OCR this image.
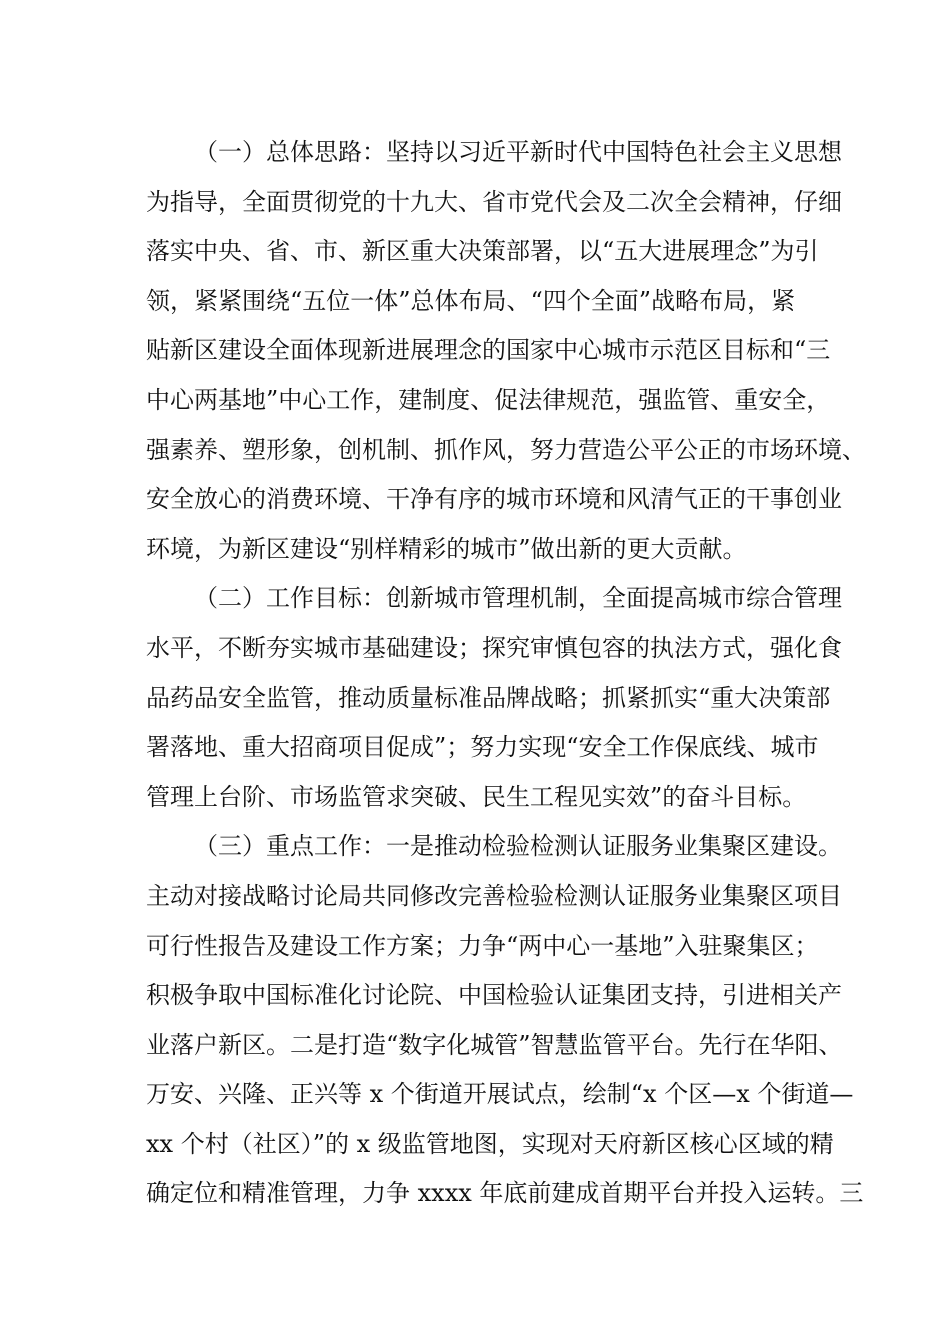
（一）总体思路：坚持以习近平新时代中国特色社会主义思想
为指导，全面贯彻党的十九大、省市党代会及二次全会精神，仔细
落实中央、省、市、新区重大决策部署，以“五大进展理念”为引
领，紧紧围绕“五位一体”总体布局、“四个全面”战略布局，紧
贴新区建设全面体现新进展理念的国家中心城市示范区目标和“三
中心两基地”中心工作，建制度、促法律规范，强监管、重安全，
强素养、塑形象，创机制、抓作风，努力营造公平公正的市场环境、
安全放心的消费环境、干净有序的城市环境和风清气正的干事创业
环境，为新区建设“别样精彩的城市”做出新的更大贡献。
（二）工作目标：创新城市管理机制，全面提高城市综合管理
水平，不断夯实城市基础建设；探究审慎包容的执法方式，强化食
品药品安全监管，推动质量标准品牌战略；抓紧抓实“重大决策部
署落地、重大招商项目促成”；努力实现“安全工作保底线、城市
管理上台阶、市场监管求突破、民生工程见实效”的奋斗目标。
（三）重点工作：一是推动检验检测认证服务业集聚区建设。
主动对接战略讨论局共同修改完善检验检测认证服务业集聚区项目
可行性报告及建设工作方案；力争“两中心一基地”入驻聚集区；
积极争取中国标准化讨论院、中国检验认证集团支持，引进相关产
业落户新区。二是打造“数字化城管”智慧监管平台。先行在华阳、
万安、兴隆、正兴等 x 个街道开展试点，绘制“x 个区—x 个街道—
xx 个村（社区）”的 x 级监管地图，实现对天府新区核心区域的精
确定位和精准管理，力争 xxxx 年底前建成首期平台并投入运转。三
